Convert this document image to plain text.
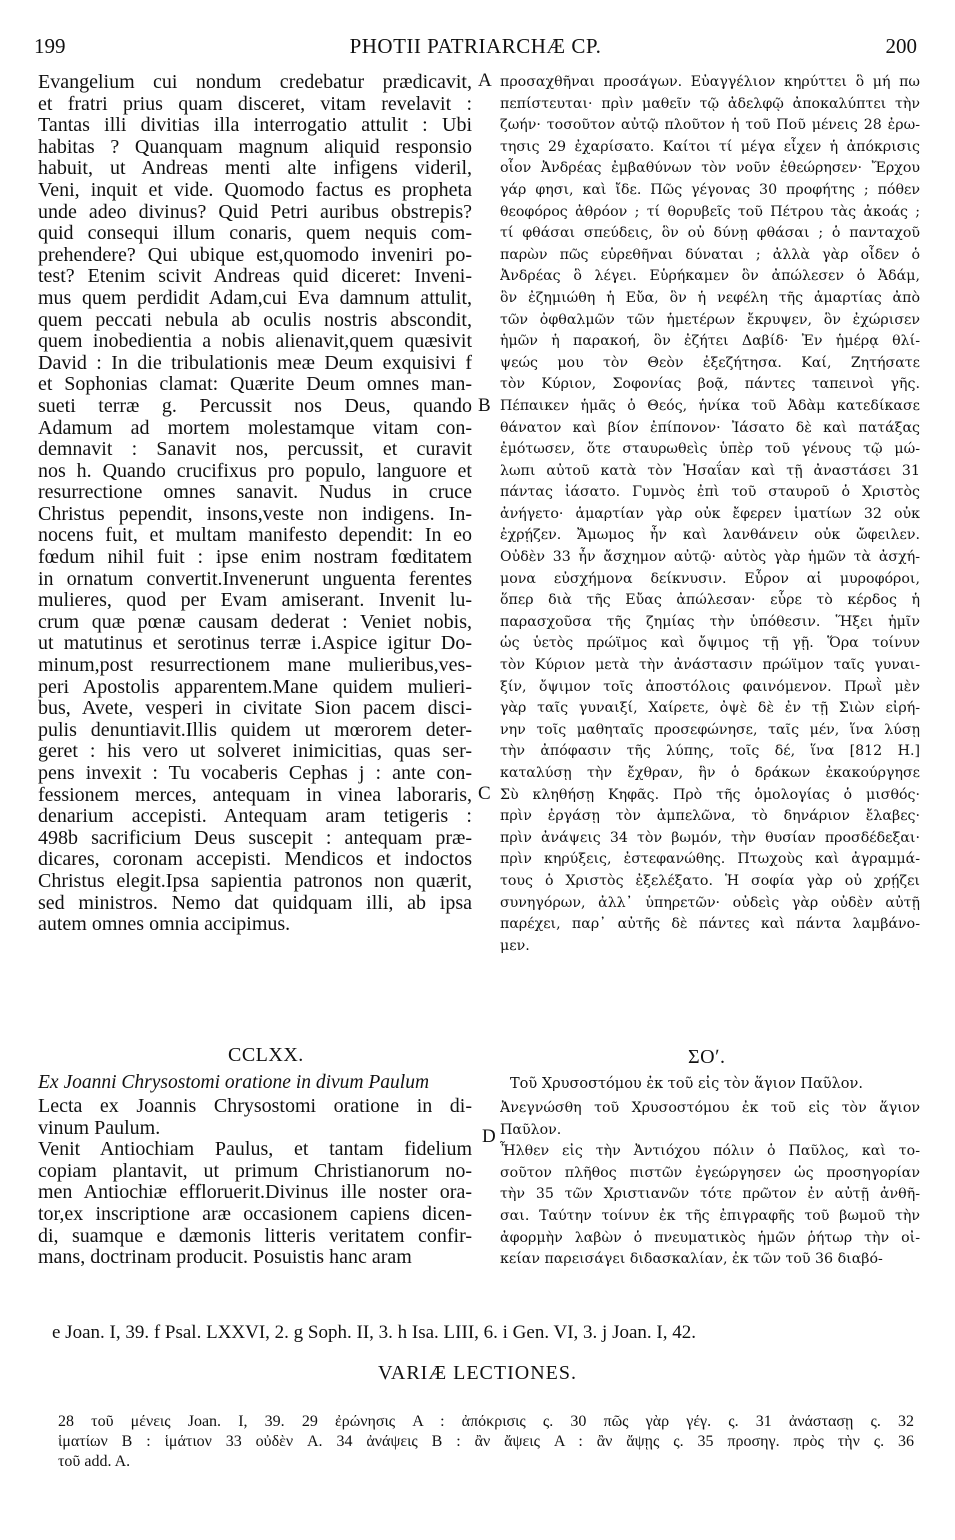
199	PHOTII PATRIARCHÆ CP.	200
Evangelium cui nondum credebatur prædicavit,
et fratri prius quam disceret, vitam revelavit :
Tantas illi divitias illa interrogatio attulit : Ubi
habitas ? Quanquam magnum aliquid responsio
habuit, ut Andreas menti alte infigens videril,
Veni, inquit et vide. Quomodo factus es propheta
unde adeo divinus? Quid Petri auribus obstrepis?
quid consequi illum conaris, quem nequis com-
prehendere? Qui ubique est,quomodo inveniri po-
test? Etenim scivit Andreas quid diceret: Inveni-
mus quem perdidit Adam,cui Eva damnum attulit,
quem peccati nebula ab oculis nostris abscondit,
quem inobedientia a nobis alienavit,quem quæsivit
David : In die tribulationis meæ Deum exquisivi f
et Sophonias clamat: Quærite Deum omnes man-
sueti terræ g. Percussit nos Deus, quando
Adamum ad mortem molestamque vitam con-
demnavit : Sanavit nos, percussit, et curavit
nos h. Quando crucifixus pro populo, languore et
resurrectione omnes sanavit. Nudus in cruce
Christus pependit, insons,veste non indigens. In-
nocens fuit, et multam manifesto dependit: In eo
fœdum nihil fuit : ipse enim nostram fœditatem
in ornatum convertit.Invenerunt unguenta ferentes
mulieres, quod per Evam amiserant. Invenit lu-
crum quæ pœnæ causam dederat : Veniet nobis,
ut matutinus et serotinus terræ i.Aspice igitur Do-
minum,post resurrectionem mane mulieribus,ves-
peri Apostolis apparentem.Mane quidem mulieri-
bus, Avete, vesperi in civitate Sion pacem disci-
pulis denuntiavit.Illis quidem ut mœrorem deter-
geret : his vero ut solveret inimicitias, quas ser-
pens invexit : Tu vocaberis Cephas j : ante con-
fessionem merces, antequam in vinea laboraris,
denarium accepisti. Antequam aram tetigeris :
498b sacrificium Deus suscepit : antequam præ-
dicares, coronam accepisti. Mendicos et indoctos
Christus elegit.Ipsa sapientia patronos non quærit,
sed ministros. Nemo dat quidquam illi, ab ipsa
autem omnes omnia accipimus.
προσαχθῆναι προσάγων. Εὐαγγέλιον κηρύττει ὃ μή πω
πεπίστευται· πρὶν μαθεῖν τῷ ἀδελφῷ ἀποκαλύπτει τὴν
ζωήν· τοσοῦτον αὐτῷ πλοῦτον ἡ τοῦ Ποῦ μένεις 28 ἐρω-
τησις 29 ἐχαρίσατο. Καίτοι τί μέγα εἶχεν ἡ ἀπόκρισις
οἷον Ἀνδρέας ἐμβαθύνων τὸν νοῦν ἐθεώρησεν· Ἔρχου
γάρ φησι, καὶ ἴδε. Πῶς γέγονας 30 προφήτης ; πόθεν
θεοφόρος ἀθρόον ; τί θορυβεῖς τοῦ Πέτρου τὰς ἀκοάς ;
τί φθάσαι σπεύδεις, ὃν οὐ δύνῃ φθάσαι ; ὁ πανταχοῦ
παρὼν πῶς εὑρεθῆναι δύναται ; ἀλλὰ γὰρ οἶδεν ὁ
Ἀνδρέας ὃ λέγει. Εὑρήκαμεν ὃν ἀπώλεσεν ὁ Ἀδάμ,
ὃν ἐζημιώθη ἡ Εὔα, ὃν ἡ νεφέλη τῆς ἁμαρτίας ἀπὸ
τῶν ὀφθαλμῶν τῶν ἡμετέρων ἔκρυψεν, ὃν ἐχώρισεν
ἡμῶν ἡ παρακοή, ὃν ἐζήτει Δαβίδ· Ἐν ἡμέρᾳ θλί-
ψεώς μου τὸν Θεὸν ἐξεζήτησα. Καί, Ζητήσατε
τὸν Κύριον, Σοφονίας βοᾷ, πάντες ταπεινοὶ γῆς.
Πέπαικεν ἡμᾶς ὁ Θεός, ἡνίκα τοῦ Ἀδὰμ κατεδίκασε
θάνατον καὶ βίον ἐπίπονον· Ἰάσατο δὲ καὶ πατάξας
ἐμότωσεν, ὅτε σταυρωθεὶς ὑπὲρ τοῦ γένους τῷ μώ-
λωπι αὐτοῦ κατὰ τὸν Ἡσαΐαν καὶ τῇ ἀναστάσει 31
πάντας ἰάσατο. Γυμνὸς ἐπὶ τοῦ σταυροῦ ὁ Χριστὸς
ἀνήγετο· ἁμαρτίαν γὰρ οὐκ ἔφερεν ἱματίων 32 οὐκ
ἐχρῄζεν. Ἄμωμος ἦν καὶ λανθάνειν οὐκ ὤφειλεν.
Οὐδὲν 33 ἦν ἄσχημον αὐτῷ· αὐτὸς γὰρ ἡμῶν τὰ ἀσχή-
μονα εὐσχήμονα δείκνυσιν. Εὗρον αἱ μυροφόροι,
ὅπερ διὰ τῆς Εὔας ἀπώλεσαν· εὗρε τὸ κέρδος ἡ
παρασχοῦσα τῆς ζημίας τὴν ὑπόθεσιν. Ἥξει ἡμῖν
ὡς ὑετὸς πρώϊμος καὶ ὄψιμος τῇ γῇ. Ὅρα τοίνυν
τὸν Κύριον μετὰ τὴν ἀνάστασιν πρώϊμον ταῖς γυναι-
ξίν, ὄψιμον τοῖς ἀποστόλοις φαινόμενον. Πρωῒ μὲν
γὰρ ταῖς γυναιξί, Χαίρετε, ὀψὲ δὲ ἐν τῇ Σιὼν εἰρή-
νην τοῖς μαθηταῖς προσεφώνησε, ταῖς μέν, ἵνα λύσῃ
τὴν ἀπόφασιν τῆς λύπης, τοῖς δέ, ἵνα [812 H.]
καταλύσῃ τὴν ἔχθραν, ἣν ὁ δράκων ἐκακούργησε
Σὺ κληθήσῃ Κηφᾶς. Πρὸ τῆς ὁμολογίας ὁ μισθός·
πρὶν ἐργάσῃ τὸν ἀμπελῶνα, τὸ δηνάριον ἔλαβες·
πρὶν ἀνάψεις 34 τὸν βωμόν, τὴν θυσίαν προσδέδεξαι·
πρὶν κηρύξεις, ἐστεφανώθης. Πτωχοὺς καὶ ἀγραμμά-
τους ὁ Χριστὸς ἐξελέξατο. Ἡ σοφία γὰρ οὐ χρῄζει
συνηγόρων, ἀλλ᾽ ὑπηρετῶν· οὐδεὶς γὰρ οὐδὲν αὐτῇ
παρέχει, παρ᾽ αὐτῆς δὲ πάντες καὶ πάντα λαμβάνο-
μεν.
A
B
C
D
CCLXX.	ΣΟʹ.
Ex Joanni Chrysostomi oratione in divum Paulum	Τοῦ Χρυσοστόμου ἐκ τοῦ εἰς τὸν ἅγιον Παῦλον.
Lecta ex Joannis Chrysostomi oratione in di-
vinum Paulum.
Venit Antiochiam Paulus, et tantam fidelium
copiam plantavit, ut primum Christianorum no-
men Antiochiæ effloruerit.Divinus ille noster ora-
tor,ex inscriptione aræ occasionem capiens dicen-
di, suamque e dæmonis litteris veritatem confir-
mans, doctrinam producit. Posuistis hanc aram
Ἀνεγνώσθη τοῦ Χρυσοστόμου ἐκ τοῦ εἰς τὸν ἅγιον
Παῦλον.
Ἦλθεν εἰς τὴν Ἀντιόχου πόλιν ὁ Παῦλος, καὶ το-
σοῦτον πλῆθος πιστῶν ἐγεώργησεν ὡς προσηγορίαν
τὴν 35 τῶν Χριστιανῶν τότε πρῶτον ἐν αὐτῇ ἀνθῆ-
σαι. Ταύτην τοίνυν ἐκ τῆς ἐπιγραφῆς τοῦ βωμοῦ τὴν
ἀφορμὴν λαβὼν ὁ πνευματικὸς ἡμῶν ῥήτωρ τὴν οἰ-
κείαν παρεισάγει διδασκαλίαν, ἐκ τῶν τοῦ 36 διαβό-
e Joan. I, 39. f Psal. LXXVI, 2. g Soph. II, 3. h Isa. LIII, 6. i Gen. VI, 3. j Joan. I, 42.
VARIÆ LECTIONES.
28 τοῦ μένεις Joan. I, 39. 29 ἐρώνησις A : ἀπόκρισις ς. 30 πῶς γὰρ γέγ. ς. 31 ἀνάστασῃ ς. 32
ἱματίων B : ἱμάτιον 33 οὐδὲν A. 34 ἀνάψεις B : ἂν ἄψεις A : ἂν ἄψῃς ς. 35 προσηγ. πρὸς τὴν ς. 36
τοῦ add. A.
